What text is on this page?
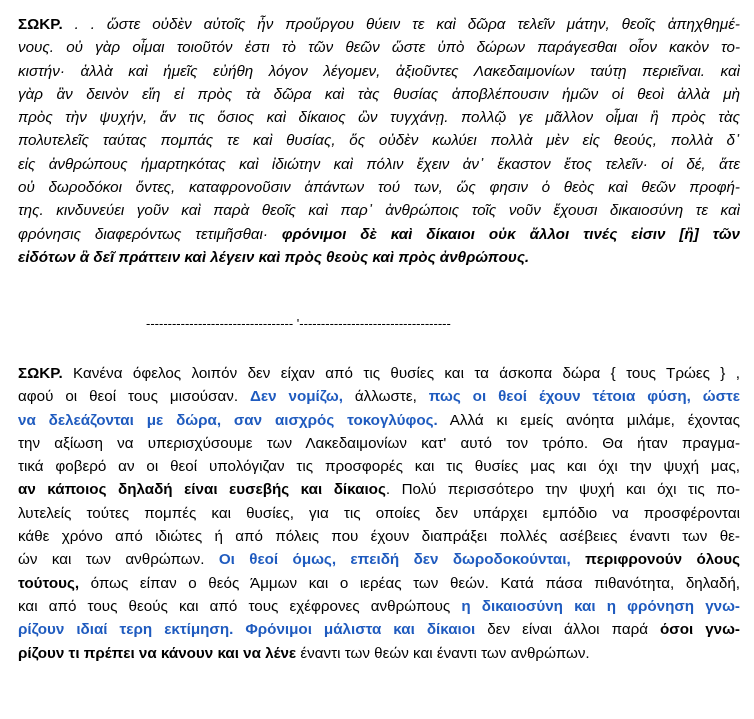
ΣΩΚΡ. . . ὥστε οὐδὲν αὐτοῖς ἦν προὔργου θύειν τε καὶ δῶρα τελεῖν μάτην, θεοῖς ἀπηχθημέ-
νους. οὐ γὰρ οἶμαι τοιοῦτόν ἐστι τὸ τῶν θεῶν ὥστε ὑπὸ δώρων παράγεσθαι οἷον κακὸν το-
κιστήν· ἀλλὰ καὶ ἡμεῖς εὐήθη λόγον λέγομεν, ἀξιοῦντες Λακεδαιμονίων ταύτῃ περιεῖναι. καὶ
γὰρ ἂν δεινὸν εἴη εἰ πρὸς τὰ δῶρα καὶ τὰς θυσίας ἀποβλέπουσιν ἡμῶν οἱ θεοὶ ἀλλὰ μὴ
πρὸς τὴν ψυχήν, ἄν τις ὅσιος καὶ δίκαιος ὢν τυγχάνῃ. πολλῷ γε μᾶλλον οἶμαι ἢ πρὸς τὰς
πολυτελεῖς ταύτας πομπάς τε καὶ θυσίας, ὅς οὐδὲν κωλύει πολλὰ μὲν εἰς θεούς, πολλὰ δ᾽
εἰς ἀνθρώπους ἡμαρτηκότας καὶ ἰδιώτην καὶ πόλιν ἔχειν ἀν᾽ ἕκαστον ἔτος τελεῖν· οἱ δέ, ἅτε
οὐ δωροδόκοι ὄντες, καταφρονοῦσιν ἁπάντων τού των, ὥς φησιν ὁ θεὸς καὶ θεῶν προφή-
της. κινδυνεύει γοῦν καὶ παρὰ θεοῖς καὶ παρ᾽ ἀνθρώποις τοῖς νοῦν ἔχουσι δικαιοσύνη τε καὶ
φρόνησις διαφερόντως τετιμῆσθαι· φρόνιμοι δὲ καὶ δίκαιοι οὐκ ἄλλοι τινές εἰσιν [ἢ] τῶν
εἰδότων ἃ δεῖ πράττειν καὶ λέγειν καὶ πρὸς θεοὺς καὶ πρὸς ἀνθρώπους.
---------------------------------- '-----------------------------------
ΣΩΚΡ. Κανένα όφελος λοιπόν δεν είχαν από τις θυσίες και τα άσκοπα δώρα { τους Τρώες } ,
αφού οι θεοί τους μισούσαν. Δεν νομίζω, άλλωστε, πως οι θεοί έχουν τέτοια φύση, ώστε
να δελεάζονται με δώρα, σαν αισχρός τοκογλύφος. Αλλά κι εμείς ανόητα μιλάμε, έχοντας
την αξίωση να υπερισχύσουμε των Λακεδαιμονίων κατ' αυτό τον τρόπο. Θα ήταν πραγμα-
τικά φοβερό αν οι θεοί υπολόγιζαν τις προσφορές και τις θυσίες μας και όχι την ψυχή μας,
αν κάποιος δηλαδή είναι ευσεβής και δίκαιος. Πολύ περισσότερο την ψυχή και όχι τις πο-
λυτελείς τούτες πομπές και θυσίες, για τις οποίες δεν υπάρχει εμπόδιο να προσφέρονται
κάθε χρόνο από ιδιώτες ή από πόλεις που έχουν διαπράξει πολλές ασέβειες έναντι των θε-
ών και των ανθρώπων. Οι θεοί όμως, επειδή δεν δωροδοκούνται, περιφρονούν όλους
τούτους, όπως είπαν ο θεός Άμμων και ο ιερέας των θεών. Κατά πάσα πιθανότητα, δηλαδή,
και από τους θεούς και από τους εχέφρονες ανθρώπους η δικαιοσύνη και η φρόνηση γνω-
ρίζουν ιδιαί τερη εκτίμηση. Φρόνιμοι μάλιστα και δίκαιοι δεν είναι άλλοι παρά όσοι γνω-
ρίζουν τι πρέπει να κάνουν και να λένε έναντι των θεών και έναντι των ανθρώπων.
